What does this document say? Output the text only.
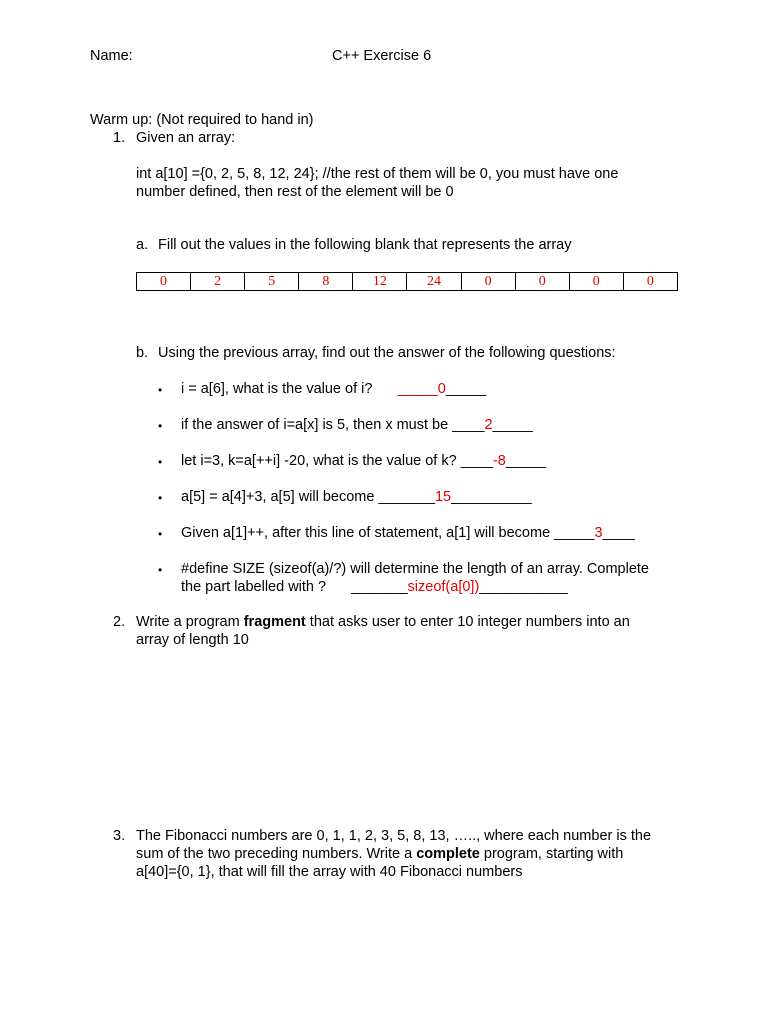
Name:	C++ Exercise 6
Warm up: (Not required to hand in)
1. Given an array:
int a[10] ={0, 2, 5, 8, 12, 24}; //the rest of them will be 0, you must have one
number defined, then rest of the element will be 0
a. Fill out the values in the following blank that represents the array
0	2	5	8	12	24	0	0	0	0
b. Using the previous array, find out the answer of the following questions:
• i = a[6], what is the value of i? _____0_____
• if the answer of i=a[x] is 5, then x must be ____2_____
• let i=3, k=a[++i] -20, what is the value of k? ____-8_____
• a[5] = a[4]+3, a[5] will become _______15__________
• Given a[1]++, after this line of statement, a[1] will become _____3____
• #define SIZE (sizeof(a)/?) will determine the length of an array. Complete
the part labelled with ? _______sizeof(a[0])___________
2. Write a program fragment that asks user to enter 10 integer numbers into an
array of length 10
3. The Fibonacci numbers are 0, 1, 1, 2, 3, 5, 8, 13, ….., where each number is the
sum of the two preceding numbers. Write a complete program, starting with
a[40]={0, 1}, that will fill the array with 40 Fibonacci numbers
